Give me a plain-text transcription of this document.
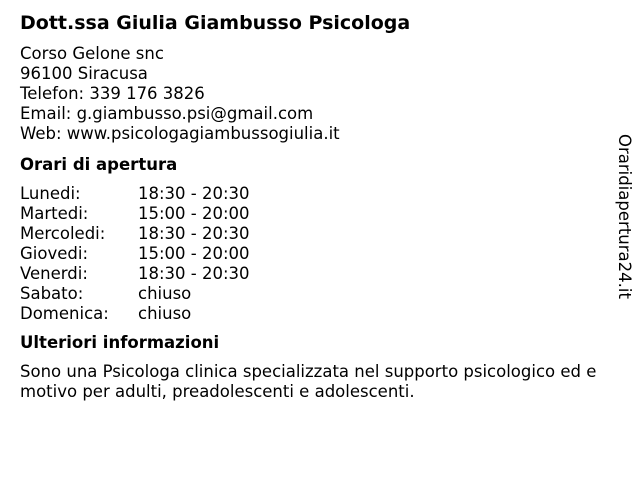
Dott.ssa Giulia Giambusso Psicologa
Corso Gelone snc
96100 Siracusa
Telefon: 339 176 3826
Email: g.giambusso.psi@gmail.com
Web: www.psicologagiambussogiulia.it
Orari di apertura
Lunedi:	18:30 - 20:30
Martedi:	15:00 - 20:00
Mercoledi:	18:30 - 20:30
Giovedi:	15:00 - 20:00
Venerdi:	18:30 - 20:30
Sabato:	chiuso
Domenica:	chiuso
Ulteriori informazioni
Sono una Psicologa clinica specializzata nel supporto psicologico ed e motivo per adulti, preadolescenti e adolescenti.
Oraridiapertura24.it
